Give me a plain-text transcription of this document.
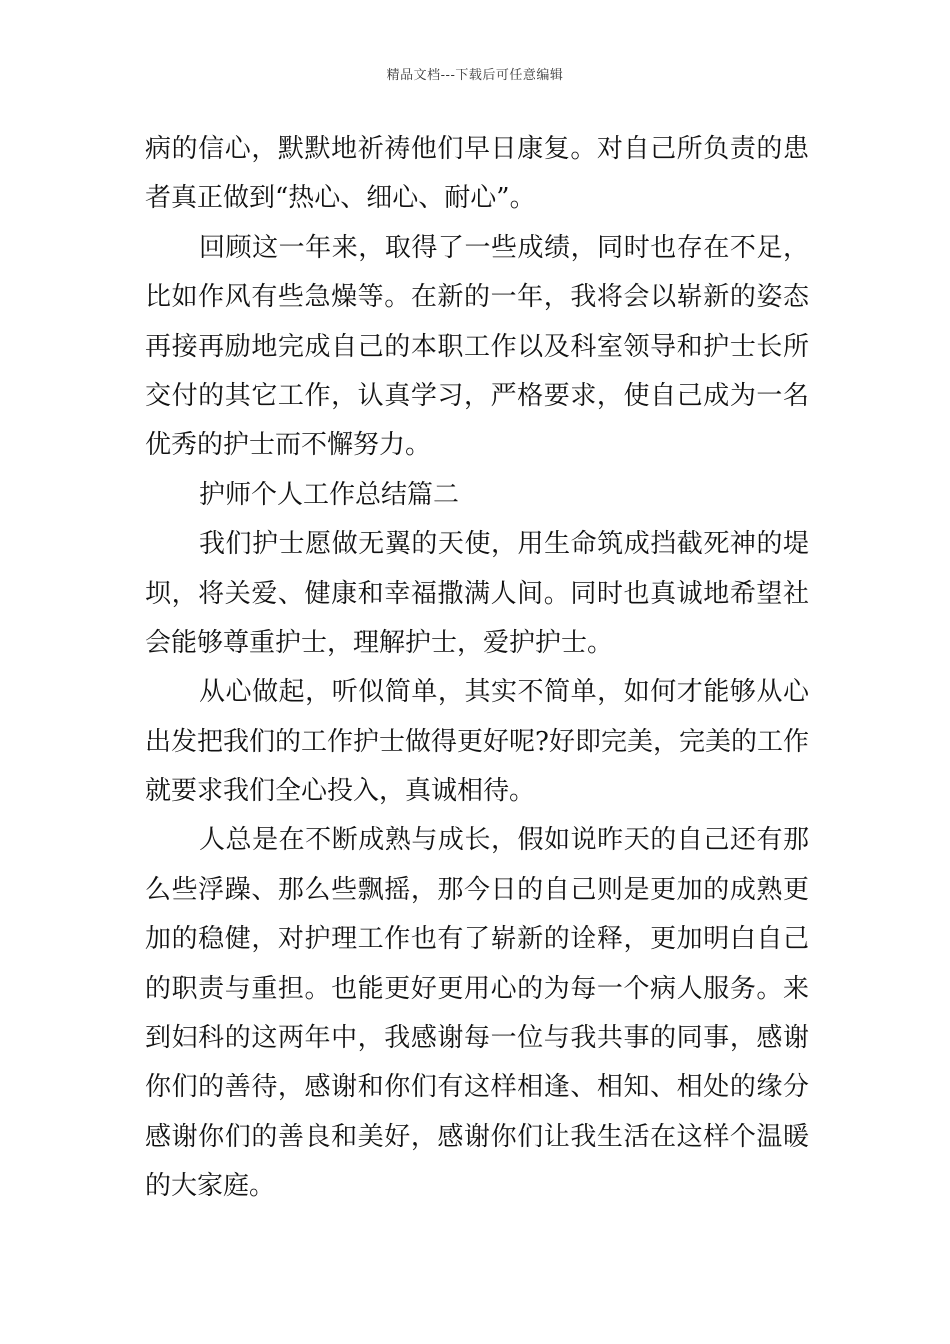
精品文档---下载后可任意编辑
病的信心，默默地祈祷他们早日康复。对自己所负责的患
者真正做到“热心、细心、耐心”。
回顾这一年来，取得了一些成绩，同时也存在不足，
比如作风有些急燥等。在新的一年，我将会以崭新的姿态
再接再励地完成自己的本职工作以及科室领导和护士长所
交付的其它工作，认真学习，严格要求，使自己成为一名
优秀的护士而不懈努力。
护师个人工作总结篇二
我们护士愿做无翼的天使，用生命筑成挡截死神的堤
坝，将关爱、健康和幸福撒满人间。同时也真诚地希望社
会能够尊重护士，理解护士，爱护护士。
从心做起，听似简单，其实不简单，如何才能够从心
出发把我们的工作护士做得更好呢?好即完美，完美的工作
就要求我们全心投入，真诚相待。
人总是在不断成熟与成长，假如说昨天的自己还有那
么些浮躁、那么些飘摇，那今日的自己则是更加的成熟更
加的稳健，对护理工作也有了崭新的诠释，更加明白自己
的职责与重担。也能更好更用心的为每一个病人服务。来
到妇科的这两年中，我感谢每一位与我共事的同事，感谢
你们的善待，感谢和你们有这样相逢、相知、相处的缘分
感谢你们的善良和美好，感谢你们让我生活在这样个温暖
的大家庭。
